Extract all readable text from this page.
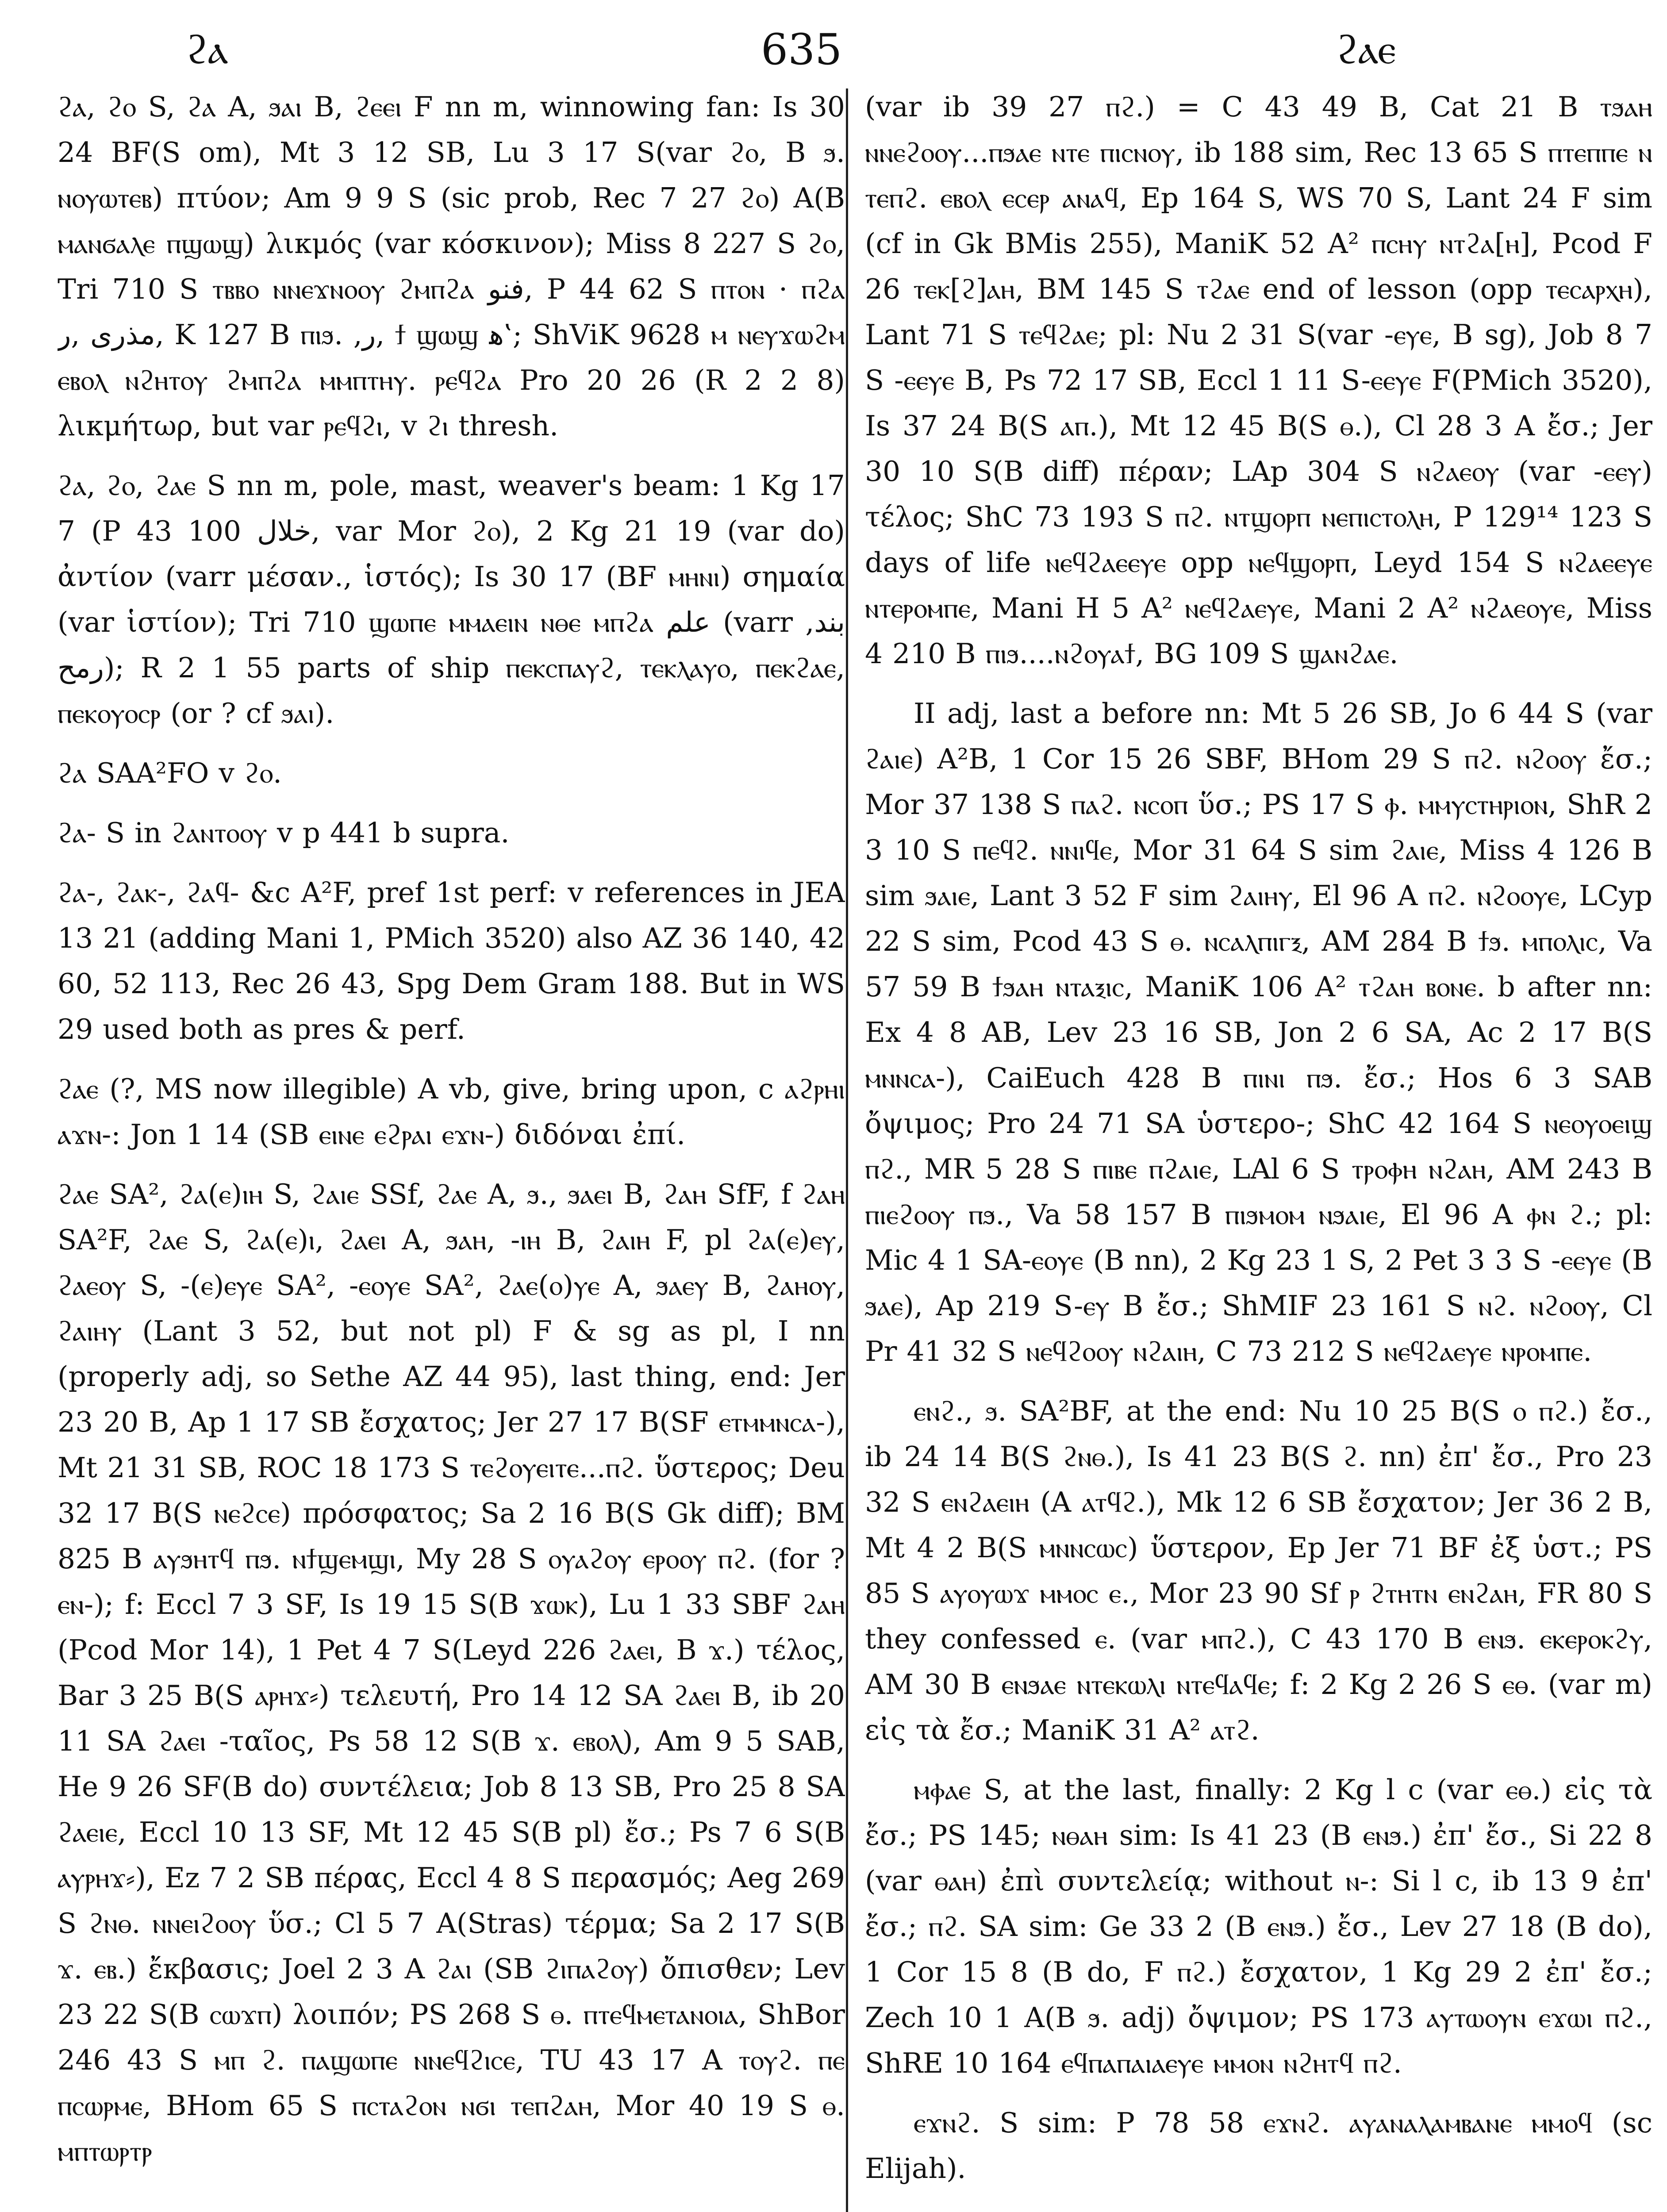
ϩⲁ	635	ϩⲁⲉ

ϩⲁ, ϩⲟ S, ϩⲁ A, ϧⲁⲓ B, ϩⲉⲉⲓ F nn m, winnowing fan: Is 30 24 BF(S om), Mt 3 12 SB, Lu 3 17 S(var ϩⲟ, B ϧ. ⲛⲟⲩⲱⲧⲉⲃ) πτύον; Am 9 9 S (sic prob, Rec 7 27 ϩⲟ) A(B ⲙⲁⲛϭⲁⲗⲉ ⲡϣⲱϣ) λικμός (var κόσκινον); Miss 8 227 S ϩⲟ, Tri 710 S ⲧⲃⲃⲟ ⲛⲛⲉϫⲛⲟⲟⲩ ϩⲙⲡϩⲁ ﻓﻨﻮ, P 44 62 S ⲡⲧⲟⲛ · ⲡϩⲁ ﻣﺬﺭﻯ ,ﺭ, K 127 B ⲡⲓϧ. ,ﺭ, ϯ ϣⲱϣ ﻫ‛; ShViK 9628 ⲙ ⲛⲉⲩϫⲱϩⲙ ⲉⲃⲟⲗ ⲛϩⲏⲧⲟⲩ ϩⲙⲡϩⲁ ⲙⲙⲡⲧⲏⲩ. ⲣⲉϥϩⲁ Pro 20 26 (R 2 2 8) λικμήτωρ, but var ⲣⲉϥϩⲓ, v ϩⲓ thresh.

ϩⲁ, ϩⲟ, ϩⲁⲉ S nn m, pole, mast, weaver's beam: 1 Kg 17 7 (P 43 100 ﺧﻼﻝ, var Mor ϩⲟ), 2 Kg 21 19 (var do) ἀντίον (varr μέσαν., ἱστός); Is 30 17 (BF ⲙⲏⲛⲓ) σημαία (var ἱστίον); Tri 710 ϣⲱⲡⲉ ⲙⲙⲁⲉⲓⲛ ⲛⲑⲉ ⲙⲡϩⲁ ﻋﻠﻢ (varr ﺑﻨﺪ, ﺭﻣﺢ); R 2 1 55 parts of ship ⲡⲉⲕⲥⲡⲁⲩϩ, ⲧⲉⲕⲗⲁⲩⲟ, ⲡⲉⲕϩⲁⲉ, ⲡⲉⲕⲟⲩⲟⲥⲣ (or ? cf ϧⲁⲓ).

ϩⲁ SAA²FO v ϩⲟ.

ϩⲁ- S in ϩⲁⲛⲧⲟⲟⲩ v p 441 b supra.

ϩⲁ-, ϩⲁⲕ-, ϩⲁϥ- &c A²F, pref 1st perf: v references in JEA 13 21 (adding Mani 1, PMich 3520) also AZ 36 140, 42 60, 52 113, Rec 26 43, Spg Dem Gram 188. But in WS 29 used both as pres & perf.

ϩⲁⲉ (?, MS now illegible) A vb, give, bring upon, c ⲁϩⲣⲏⲓ ⲁϫⲛ-: Jon 1 14 (SB ⲉⲓⲛⲉ ⲉϩⲣⲁⲓ ⲉϫⲛ-) διδόναι ἐπί.

ϩⲁⲉ SA², ϩⲁ(ⲉ)ⲓⲏ S, ϩⲁⲓⲉ SSf, ϩⲁⲉ A, ϧ., ϧⲁⲉⲓ B, ϩⲁⲏ SfF, f ϩⲁⲏ SA²F, ϩⲁⲉ S, ϩⲁ(ⲉ)ⲓ, ϩⲁⲉⲓ A, ϧⲁⲏ, -ⲓⲏ B, ϩⲁⲓⲏ F, pl ϩⲁ(ⲉ)ⲉⲩ, ϩⲁⲉⲟⲩ S, -(ⲉ)ⲉⲩⲉ SA², -ⲉⲟⲩⲉ SA², ϩⲁⲉ(ⲟ)ⲩⲉ A, ϧⲁⲉⲩ B, ϩⲁⲏⲟⲩ, ϩⲁⲓⲏⲩ (Lant 3 52, but not pl) F & sg as pl, I nn (properly adj, so Sethe AZ 44 95), last thing, end: Jer 23 20 B, Ap 1 17 SB ἔσχατος; Jer 27 17 B(SF ⲉⲧⲙⲙⲛⲥⲁ-), Mt 21 31 SB, ROC 18 173 S ⲧⲉϩⲟⲩⲉⲓⲧⲉ...ⲡϩ. ὕστερος; Deu 32 17 B(S ⲛⲉϩⲥⲉ) πρόσφατος; Sa 2 16 B(S Gk diff); BM 825 B ⲁⲩϧⲏⲧϥ ⲡϧ. ⲛϯϣⲉⲙϣⲓ, My 28 S ⲟⲩⲁϩⲟⲩ ⲉⲣⲟⲟⲩ ⲡϩ. (for ? ⲉⲛ-); f: Eccl 7 3 SF, Is 19 15 S(B ϫⲱⲕ), Lu 1 33 SBF ϩⲁⲏ (Pcod Mor 14), 1 Pet 4 7 S(Leyd 226 ϩⲁⲉⲓ, B ϫ.) τέλος, Bar 3 25 B(S ⲁⲣⲏϫ⸗) τελευτή, Pro 14 12 SA ϩⲁⲉⲓ B, ib 20 11 SA ϩⲁⲉⲓ -ταῖος, Ps 58 12 S(B ϫ. ⲉⲃⲟⲗ), Am 9 5 SAB, He 9 26 SF(B do) συντέλεια; Job 8 13 SB, Pro 25 8 SA ϩⲁⲉⲓⲉ, Eccl 10 13 SF, Mt 12 45 S(B pl) ἔσ.; Ps 7 6 S(B ⲁⲩⲣⲏϫ⸗), Ez 7 2 SB πέρας, Eccl 4 8 S περασμός; Aeg 269 S ϩⲛⲑ. ⲛⲛⲉⲓϩⲟⲟⲩ ὕσ.; Cl 5 7 A(Stras) τέρμα; Sa 2 17 S(B ϫ. ⲉⲃ.) ἔκβασις; Joel 2 3 A ϩⲁⲓ (SB ϩⲓⲡⲁϩⲟⲩ) ὄπισθεν; Lev 23 22 S(B ⲥⲱϫⲡ) λοιπόν; PS 268 S ⲑ. ⲡⲧⲉϥⲙⲉⲧⲁⲛⲟⲓⲁ, ShBor 246 43 S ⲙⲡ ϩ. ⲡⲁϣⲱⲡⲉ ⲛⲛⲉϥϩⲓⲥⲉ, TU 43 17 A ⲧⲟⲩϩ. ⲡⲉ ⲡⲥⲱⲣⲙⲉ, BHom 65 S ⲡⲥⲧⲁϩⲟⲛ ⲛϭⲓ ⲧⲉⲡϩⲁⲏ, Mor 40 19 S ⲑ. ⲙⲡⲧⲱⲣⲧⲣ

(var ib 39 27 ⲡϩ.) = C 43 49 B, Cat 21 B ⲧϧⲁⲏ ⲛⲛⲉϩⲟⲟⲩ...ⲡϧⲁⲉ ⲛⲧⲉ ⲡⲓⲥⲛⲟⲩ, ib 188 sim, Rec 13 65 S ⲡⲧⲉⲡⲡⲉ ⲛ ⲧⲉⲡϩ. ⲉⲃⲟⲗ ⲉⲥⲉⲣ ⲁⲛⲁϥ, Ep 164 S, WS 70 S, Lant 24 F sim (cf in Gk BMis 255), ManiK 52 A² ⲡⲥⲏⲩ ⲛⲧϩⲁ[ⲏ], Pcod F 26 ⲧⲉⲕ[ϩ]ⲁⲏ, BM 145 S ⲧϩⲁⲉ end of lesson (opp ⲧⲉⲥⲁⲣⲭⲏ), Lant 71 S ⲧⲉϥϩⲁⲉ; pl: Nu 2 31 S(var -ⲉⲩⲉ, B sg), Job 8 7 S -ⲉⲉⲩⲉ B, Ps 72 17 SB, Eccl 1 11 S-ⲉⲉⲩⲉ F(PMich 3520), Is 37 24 B(S ⲁⲡ.), Mt 12 45 B(S ⲑ.), Cl 28 3 A ἔσ.; Jer 30 10 S(B diff) πέραν; LAp 304 S ⲛϩⲁⲉⲟⲩ (var -ⲉⲉⲩ) τέλος; ShC 73 193 S ⲡϩ. ⲛⲧϣⲟⲣⲡ ⲛⲉⲡⲓⲥⲧⲟⲗⲏ, P 129¹⁴ 123 S days of life ⲛⲉϥϩⲁⲉⲉⲩⲉ opp ⲛⲉϥϣⲟⲣⲡ, Leyd 154 S ⲛϩⲁⲉⲉⲩⲉ ⲛⲧⲉⲣⲟⲙⲡⲉ, Mani H 5 A² ⲛⲉϥϩⲁⲉⲩⲉ, Mani 2 A² ⲛϩⲁⲉⲟⲩⲉ, Miss 4 210 B ⲡⲓϧ....ⲛϩⲟⲩⲁϯ, BG 109 S ϣⲁⲛϩⲁⲉ.

II adj, last a before nn: Mt 5 26 SB, Jo 6 44 S (var ϩⲁⲓⲉ) A²B, 1 Cor 15 26 SBF, BHom 29 S ⲡϩ. ⲛϩⲟⲟⲩ ἔσ.; Mor 37 138 S ⲡⲁϩ. ⲛⲥⲟⲡ ὕσ.; PS 17 S ⲫ. ⲙⲙⲩⲥⲧⲏⲣⲓⲟⲛ, ShR 2 3 10 S ⲡⲉϥϩ. ⲛⲛⲓϥⲉ, Mor 31 64 S sim ϩⲁⲓⲉ, Miss 4 126 B sim ϧⲁⲓⲉ, Lant 3 52 F sim ϩⲁⲓⲏⲩ, El 96 A ⲡϩ. ⲛϩⲟⲟⲩⲉ, LCyp 22 S sim, Pcod 43 S ⲑ. ⲛⲥⲁⲗⲡⲓⲅⲝ, AM 284 B ϯϧ. ⲙⲡⲟⲗⲓⲥ, Va 57 59 B ϯϧⲁⲏ ⲛⲧⲁⲝⲓⲥ, ManiK 106 A² ⲧϩⲁⲏ ⲃⲟⲛⲉ. b after nn: Ex 4 8 AB, Lev 23 16 SB, Jon 2 6 SA, Ac 2 17 B(S ⲙⲛⲛⲥⲁ-), CaiEuch 428 B ⲡⲓⲛⲓ ⲡϧ. ἔσ.; Hos 6 3 SAB ὄψιμος; Pro 24 71 SA ὑστερο-; ShC 42 164 S ⲛⲉⲟⲩⲟⲉⲓϣ ⲡϩ., MR 5 28 S ⲡⲓⲃⲉ ⲡϩⲁⲓⲉ, LAl 6 S ⲧⲣⲟⲫⲏ ⲛϩⲁⲏ, AM 243 B ⲡⲓⲉϩⲟⲟⲩ ⲡϧ., Va 58 157 B ⲡⲓϧⲙⲟⲙ ⲛϧⲁⲓⲉ, El 96 A ⲫⲛ ϩ.; pl: Mic 4 1 SA-ⲉⲟⲩⲉ (B nn), 2 Kg 23 1 S, 2 Pet 3 3 S -ⲉⲉⲩⲉ (B ϧⲁⲉ), Ap 219 S-ⲉⲩ B ἔσ.; ShMIF 23 161 S ⲛϩ. ⲛϩⲟⲟⲩ, Cl Pr 41 32 S ⲛⲉϥϩⲟⲟⲩ ⲛϩⲁⲓⲏ, C 73 212 S ⲛⲉϥϩⲁⲉⲩⲉ ⲛⲣⲟⲙⲡⲉ.

ⲉⲛϩ., ϧ. SA²BF, at the end: Nu 10 25 B(S ⲟ ⲡϩ.) ἔσ., ib 24 14 B(S ϩⲛⲑ.), Is 41 23 B(S ϩ. nn) ἐπ' ἔσ., Pro 23 32 S ⲉⲛϩⲁⲉⲓⲏ (A ⲁⲧϥϩ.), Mk 12 6 SB ἔσχατον; Jer 36 2 B, Mt 4 2 B(S ⲙⲛⲛⲥⲱⲥ) ὕστερον, Ep Jer 71 BF ἐξ ὑστ.; PS 85 S ⲁⲩⲟⲩⲱϫ ⲙⲙⲟⲥ ⲉ., Mor 23 90 Sf ⲣ ϩⲧⲏⲧⲛ ⲉⲛϩⲁⲏ, FR 80 S they confessed ⲉ. (var ⲙⲡϩ.), C 43 170 B ⲉⲛϧ. ⲉⲕⲉⲣⲟⲕϩⲩ, AM 30 B ⲉⲛϧⲁⲉ ⲛⲧⲉⲕⲱⲗⲓ ⲛⲧⲉϥⲁϥⲉ; f: 2 Kg 2 26 S ⲉⲑ. (var m) εἰς τὰ ἔσ.; ManiK 31 A² ⲁⲧϩ.

ⲙⲫⲁⲉ S, at the last, finally: 2 Kg l c (var ⲉⲑ.) εἰς τὰ ἔσ.; PS 145; ⲛⲑⲁⲏ sim: Is 41 23 (B ⲉⲛϧ.) ἐπ' ἔσ., Si 22 8 (var ⲑⲁⲏ) ἐπὶ συντελείᾳ; without ⲛ-: Si l c, ib 13 9 ἐπ' ἔσ.; ⲡϩ. SA sim: Ge 33 2 (B ⲉⲛϧ.) ἔσ., Lev 27 18 (B do), 1 Cor 15 8 (B do, F ⲡϩ.) ἔσχατον, 1 Kg 29 2 ἐπ' ἔσ.; Zech 10 1 A(B ϧ. adj) ὄψιμον; PS 173 ⲁⲩⲧⲱⲟⲩⲛ ⲉϫⲱⲓ ⲡϩ., ShRE 10 164 ⲉϥⲡⲁⲡⲁⲓⲁⲉⲩⲉ ⲙⲙⲟⲛ ⲛϩⲏⲧϥ ⲡϩ.

ⲉϫⲛϩ. S sim: P 78 58 ⲉϫⲛϩ. ⲁⲩⲁⲛⲁⲗⲁⲙⲃⲁⲛⲉ ⲙⲙⲟϥ (sc Elijah).
